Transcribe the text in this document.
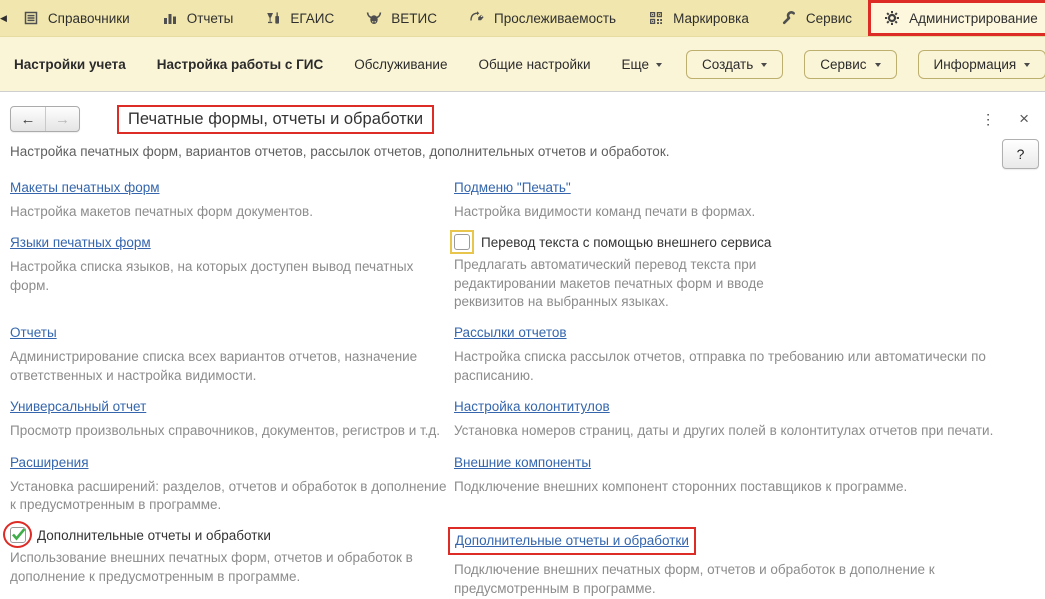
◀	Справочники	Отчеты	ЕГАИС	ВЕТИС	Прослеживаемость	Маркировка	Сервис	Администрирование
Настройки учета Настройка работы с ГИС Обслуживание Общие настройки Еще	Создать	Сервис	Информация
←	→	Печатные формы, отчеты и обработки	⋮ ×
Настройка печатных форм, вариантов отчетов, рассылок отчетов, дополнительных отчетов и обработок.	?
Макеты печатных форм
Настройка макетов печатных форм документов.
Языки печатных форм
Настройка списка языков, на которых доступен вывод печатных форм.
Отчеты
Администрирование списка всех вариантов отчетов, назначение ответственных и настройка видимости.
Универсальный отчет
Просмотр произвольных справочников, документов, регистров и т.д.
Расширения
Установка расширений: разделов, отчетов и обработок в дополнение к предусмотренным в программе.
Дополнительные отчеты и обработки
Использование внешних печатных форм, отчетов и обработок в дополнение к предусмотренным в программе.
Подменю "Печать"
Настройка видимости команд печати в формах.
Перевод текста с помощью внешнего сервиса
Предлагать автоматический перевод текста при редактировании макетов печатных форм и вводе реквизитов на выбранных языках.
Рассылки отчетов
Настройка списка рассылок отчетов, отправка по требованию или автоматически по расписанию.
Настройка колонтитулов
Установка номеров страниц, даты и других полей в колонтитулах отчетов при печати.
Внешние компоненты
Подключение внешних компонент сторонних поставщиков к программе.
Дополнительные отчеты и обработки
Подключение внешних печатных форм, отчетов и обработок в дополнение к предусмотренным в программе.
